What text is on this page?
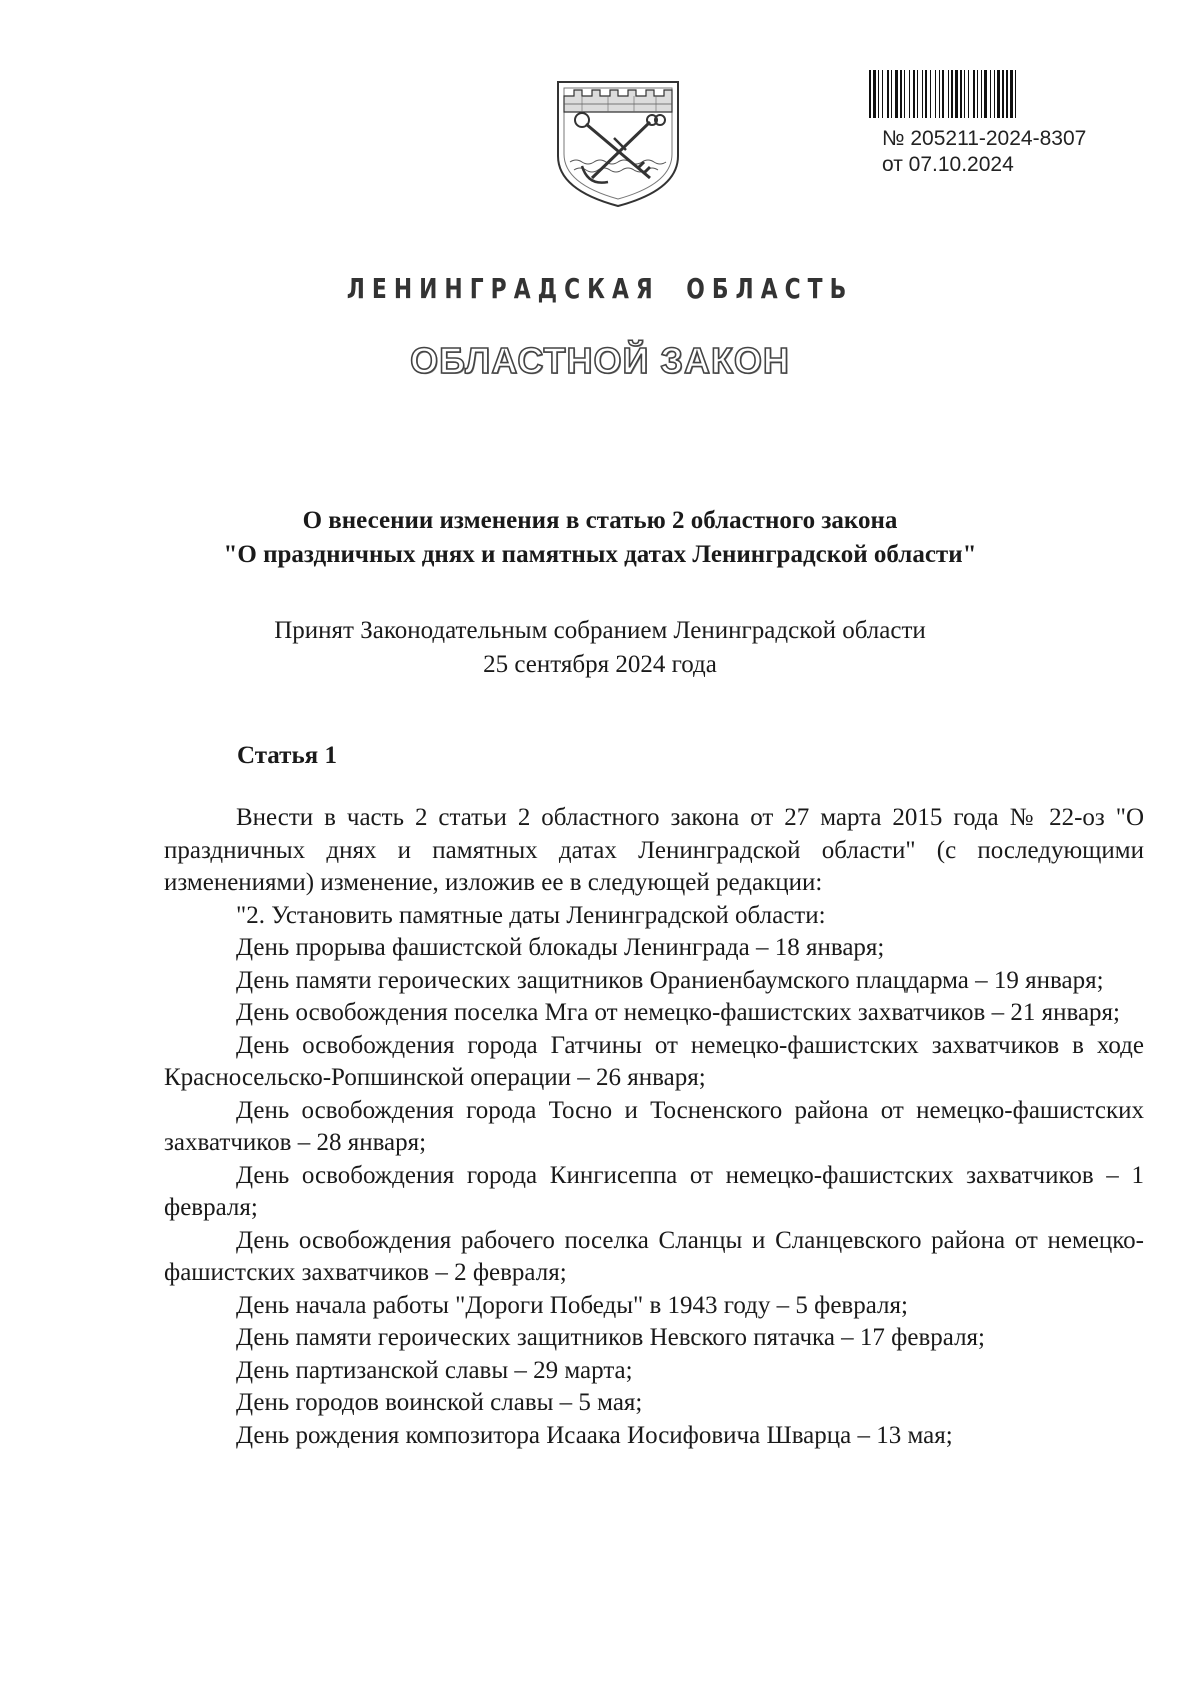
№ 205211-2024-8307
от 07.10.2024
ЛЕНИНГРАДСКАЯ ОБЛАСТЬ
ОБЛАСТНОЙ ЗАКОН
О внесении изменения в статью 2 областного закона
"О праздничных днях и памятных датах Ленинградской области"
Принят Законодательным собранием Ленинградской области
25 сентября 2024 года
Статья 1

Внести в часть 2 статьи 2 областного закона от 27 марта 2015 года № 22-оз "О праздничных днях и памятных датах Ленинградской области" (с последующими изменениями) изменение, изложив ее в следующей редакции:

"2. Установить памятные даты Ленинградской области:

День прорыва фашистской блокады Ленинграда – 18 января;

День памяти героических защитников Ораниенбаумского плацдарма – 19 января;

День освобождения поселка Мга от немецко-фашистских захватчиков – 21 января;

День освобождения города Гатчины от немецко-фашистских захватчиков в ходе Красносельско-Ропшинской операции – 26 января;

День освобождения города Тосно и Тосненского района от немецко-фашистских захватчиков – 28 января;

День освобождения города Кингисеппа от немецко-фашистских захватчиков – 1 февраля;

День освобождения рабочего поселка Сланцы и Сланцевского района от немецко-фашистских захватчиков – 2 февраля;

День начала работы "Дороги Победы" в 1943 году – 5 февраля;

День памяти героических защитников Невского пятачка – 17 февраля;

День партизанской славы – 29 марта;

День городов воинской славы – 5 мая;

День рождения композитора Исаака Иосифовича Шварца – 13 мая;
